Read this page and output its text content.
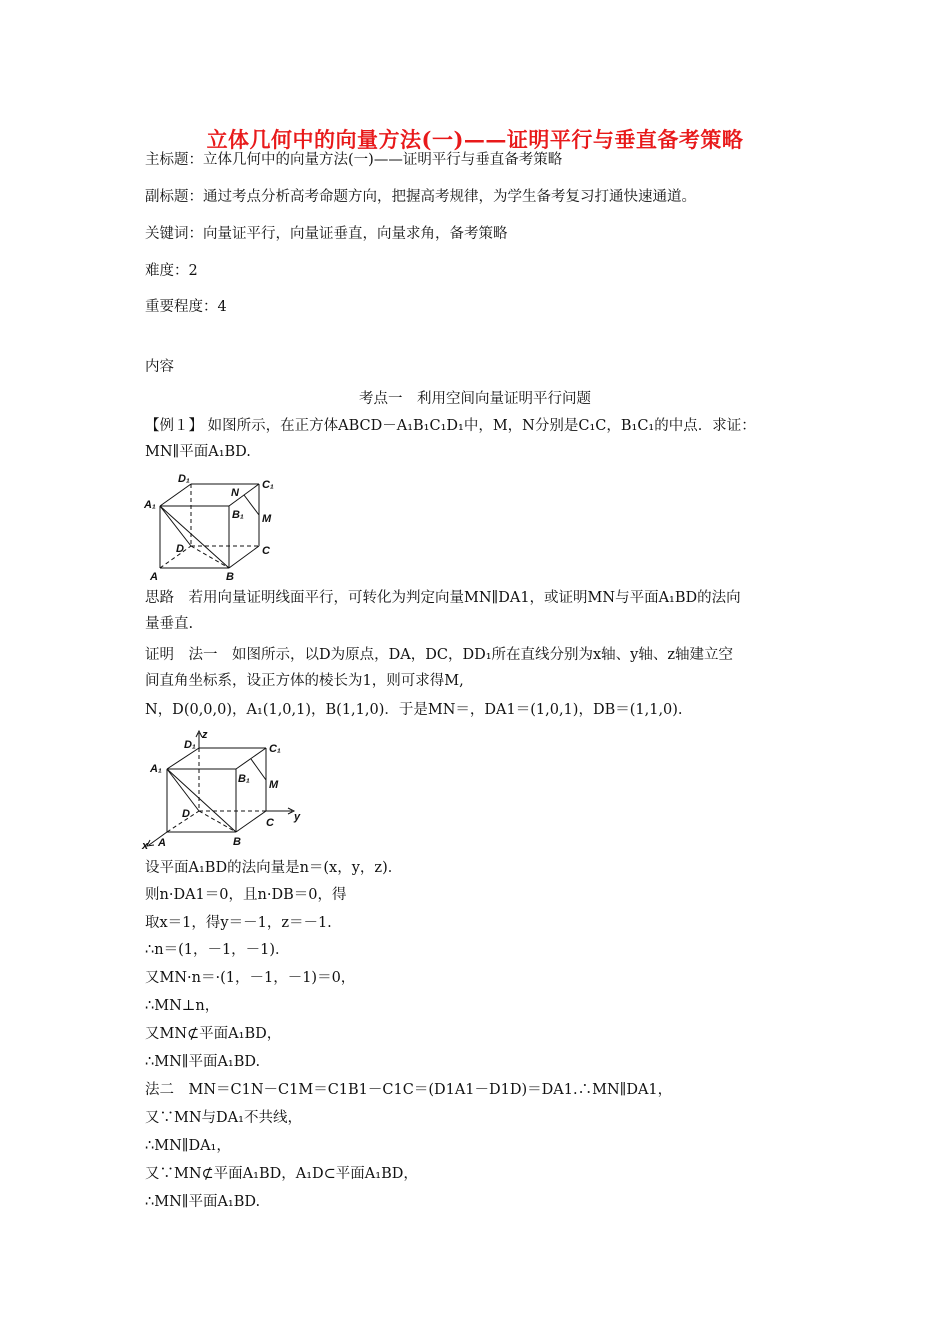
立体几何中的向量方法(一)——证明平行与垂直备考策略
主标题：立体几何中的向量方法(一)——证明平行与垂直备考策略
副标题：通过考点分析高考命题方向，把握高考规律，为学生备考复习打通快速通道。
关键词：向量证平行，向量证垂直，向量求角，备考策略
难度：2
重要程度：4
内容
考点一　利用空间向量证明平行问题
【例１】 如图所示，在正方体ABCD－A₁B₁C₁D₁中，M，N分别是C₁C，B₁C₁的中点．求证：
MN∥平面A₁BD.
A₁
D₁
N
C₁
B₁ M
D	C
A	B
思路　若用向量证明线面平行，可转化为判定向量MN∥DA1，或证明MN与平面A₁BD的法向
量垂直.
证明　法一　如图所示，以D为原点，DA，DC，DD₁所在直线分别为x轴、y轴、z轴建立空
间直角坐标系，设正方体的棱长为1，则可求得M,
N，D(0,0,0)，A₁(1,0,1)，B(1,1,0)．于是MN＝，DA1＝(1,0,1)，DB＝(1,1,0).
z
y
x
A₁
D₁	C₁
B₁ M
D
C
A	B
设平面A₁BD的法向量是n＝(x，y，z)．
则n·DA1＝0，且n·DB＝0，得
取x＝1，得y＝－1，z＝－1.
∴n＝(1，－1，－1)．
又MN·n＝·(1，－1，－1)＝0，
∴MN⊥n，
又MN⊄平面A₁BD，
∴MN∥平面A₁BD.
法二　MN＝C1N－C1M＝C1B1－C1C＝(D1A1－D1D)＝DA1.∴MN∥DA1，
又∵MN与DA₁不共线，
∴MN∥DA₁，
又∵MN⊄平面A₁BD，A₁D⊂平面A₁BD，
∴MN∥平面A₁BD.
